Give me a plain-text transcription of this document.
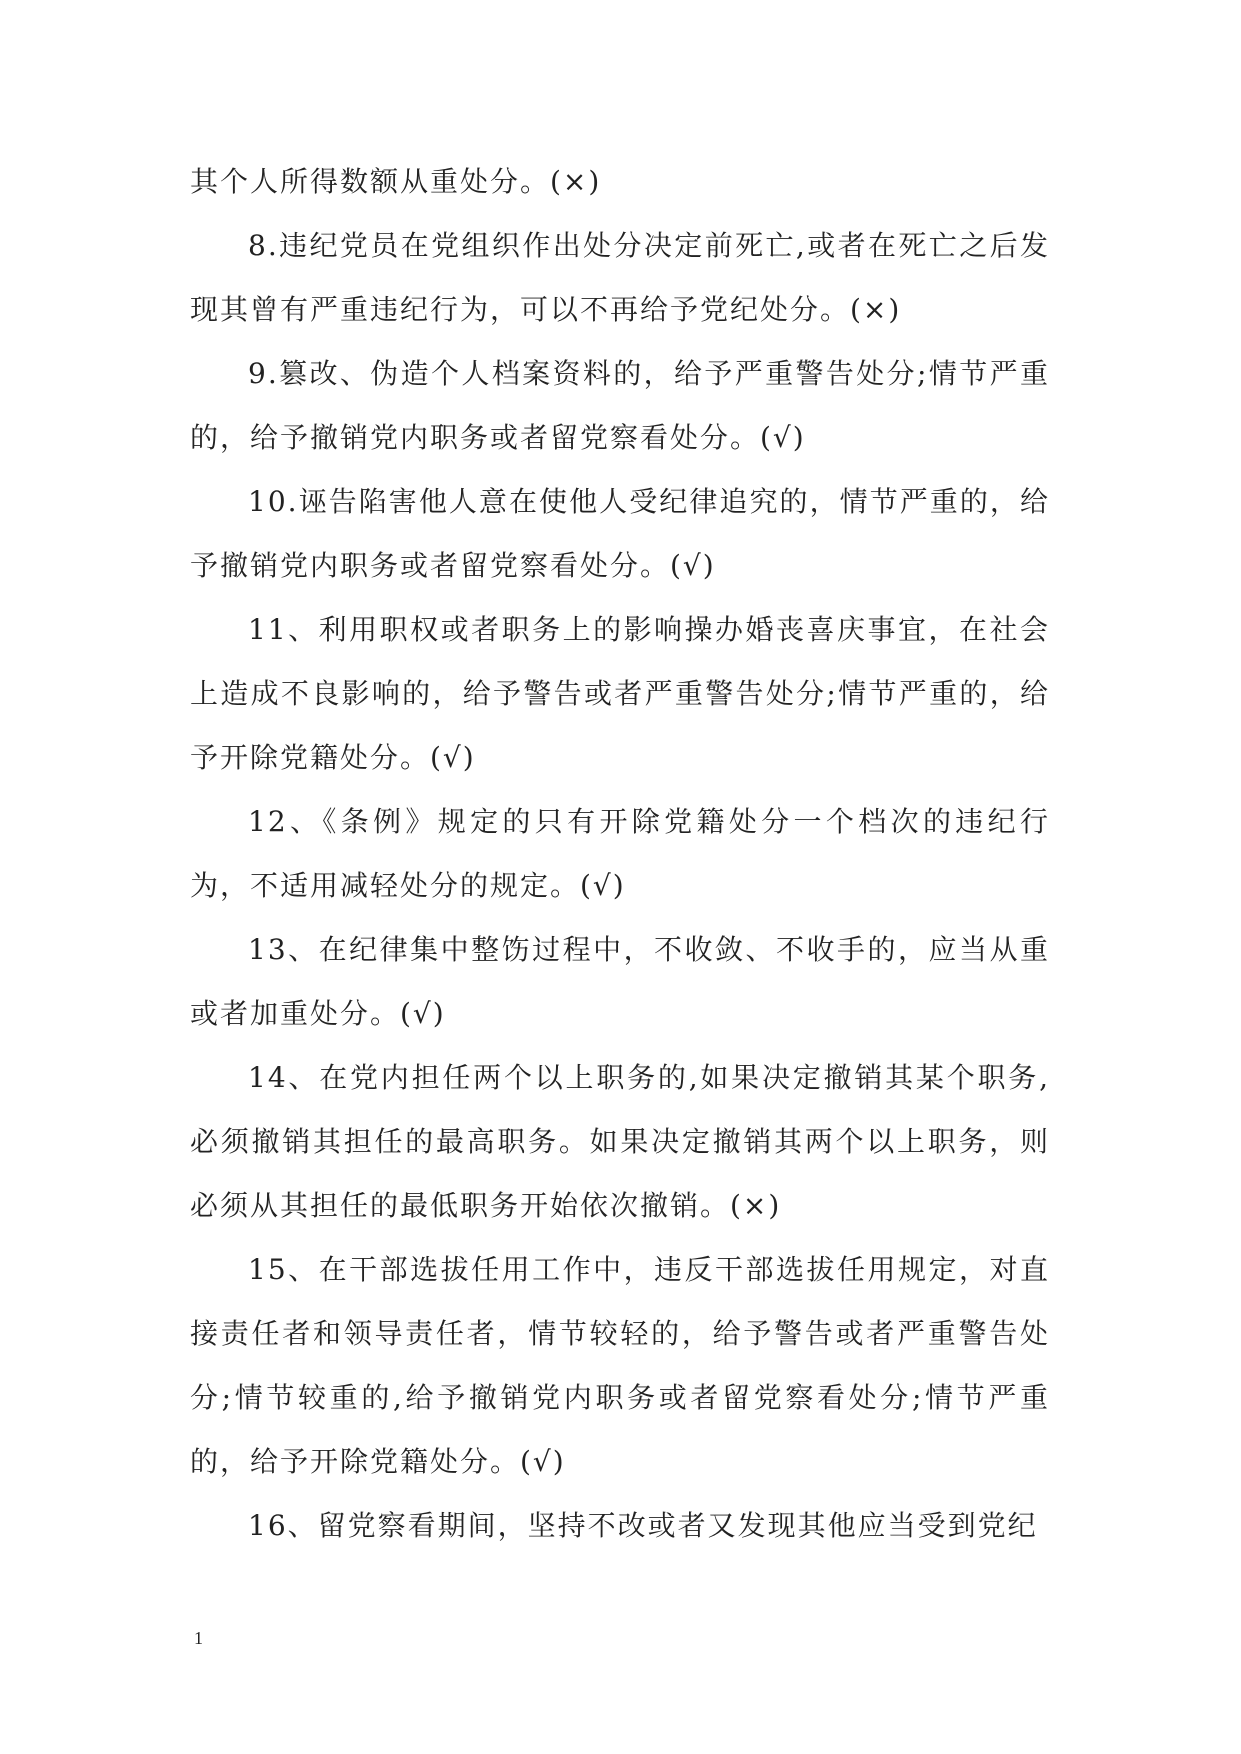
其个人所得数额从重处分。(×)

8.违纪党员在党组织作出处分决定前死亡,或者在死亡之后发现其曾有严重违纪行为，可以不再给予党纪处分。(×)

9.篡改、伪造个人档案资料的，给予严重警告处分;情节严重的，给予撤销党内职务或者留党察看处分。(√)

10.诬告陷害他人意在使他人受纪律追究的，情节严重的，给予撤销党内职务或者留党察看处分。(√)

11、利用职权或者职务上的影响操办婚丧喜庆事宜，在社会上造成不良影响的，给予警告或者严重警告处分;情节严重的，给予开除党籍处分。(√)

12、《条例》规定的只有开除党籍处分一个档次的违纪行为，不适用减轻处分的规定。(√)

13、在纪律集中整饬过程中，不收敛、不收手的，应当从重或者加重处分。(√)

14、在党内担任两个以上职务的,如果决定撤销其某个职务,必须撤销其担任的最高职务。如果决定撤销其两个以上职务，则必须从其担任的最低职务开始依次撤销。(×)

15、在干部选拔任用工作中，违反干部选拔任用规定，对直接责任者和领导责任者，情节较轻的，给予警告或者严重警告处分;情节较重的,给予撤销党内职务或者留党察看处分;情节严重的，给予开除党籍处分。(√)

16、留党察看期间，坚持不改或者又发现其他应当受到党纪

1
